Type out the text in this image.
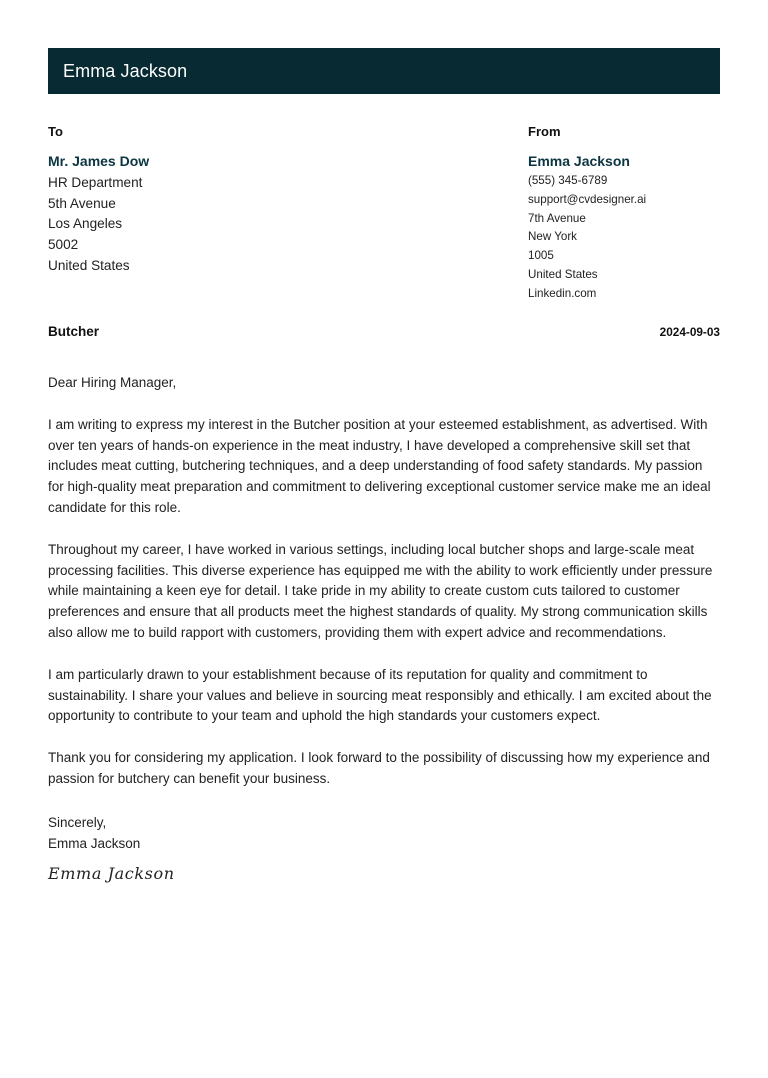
Emma Jackson
To
Mr. James Dow
HR Department
5th Avenue
Los Angeles
5002
United States
From
Emma Jackson
(555) 345-6789
support@cvdesigner.ai
7th Avenue
New York
1005
United States
Linkedin.com
Butcher	2024-09-03

Dear Hiring Manager,

I am writing to express my interest in the Butcher position at your esteemed establishment, as advertised. With over ten years of hands-on experience in the meat industry, I have developed a comprehensive skill set that includes meat cutting, butchering techniques, and a deep understanding of food safety standards. My passion for high-quality meat preparation and commitment to delivering exceptional customer service make me an ideal candidate for this role.

Throughout my career, I have worked in various settings, including local butcher shops and large-scale meat processing facilities. This diverse experience has equipped me with the ability to work efficiently under pressure while maintaining a keen eye for detail. I take pride in my ability to create custom cuts tailored to customer preferences and ensure that all products meet the highest standards of quality. My strong communication skills also allow me to build rapport with customers, providing them with expert advice and recommendations.

I am particularly drawn to your establishment because of its reputation for quality and commitment to sustainability. I share your values and believe in sourcing meat responsibly and ethically. I am excited about the opportunity to contribute to your team and uphold the high standards your customers expect.

Thank you for considering my application. I look forward to the possibility of discussing how my experience and passion for butchery can benefit your business.

Sincerely,
Emma Jackson
Emma Jackson
